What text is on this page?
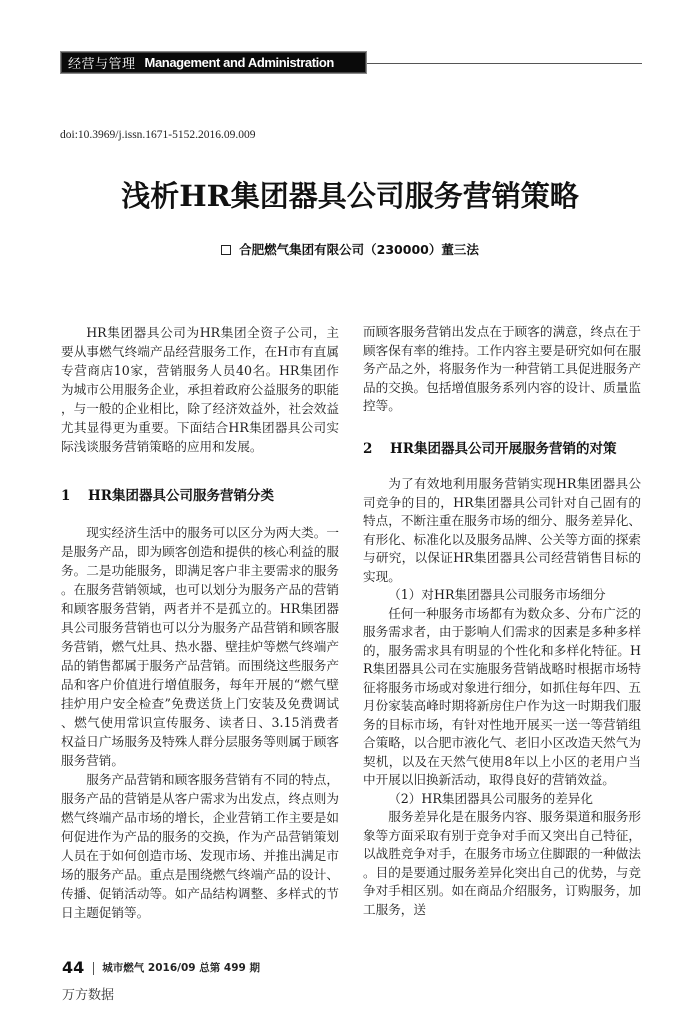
经营与管理 Management and Administration
doi:10.3969/j.issn.1671-5152.2016.09.009
浅析HR集团器具公司服务营销策略
合肥燃气集团有限公司（230000）董三法

HR集团器具公司为HR集团全资子公司，主要从事燃气终端产品经营服务工作，在H市有直属专营商店10家，营销服务人员40名。HR集团作为城市公用服务企业，承担着政府公益服务的职能，与一般的企业相比，除了经济效益外，社会效益尤其显得更为重要。下面结合HR集团器具公司实际浅谈服务营销策略的应用和发展。

1 HR集团器具公司服务营销分类

现实经济生活中的服务可以区分为两大类。一是服务产品，即为顾客创造和提供的核心利益的服务。二是功能服务，即满足客户非主要需求的服务。在服务营销领域，也可以划分为服务产品的营销和顾客服务营销，两者并不是孤立的。HR集团器具公司服务营销也可以分为服务产品营销和顾客服务营销，燃气灶具、热水器、壁挂炉等燃气终端产品的销售都属于服务产品营销。而围绕这些服务产品和客户价值进行增值服务，每年开展的“燃气壁挂炉用户安全检查”免费送货上门安装及免费调试、燃气使用常识宣传服务、读者日、3.15消费者权益日广场服务及特殊人群分层服务等则属于顾客服务营销。

服务产品营销和顾客服务营销有不同的特点，服务产品的营销是从客户需求为出发点，终点则为燃气终端产品市场的增长，企业营销工作主要是如何促进作为产品的服务的交换，作为产品营销策划人员在于如何创造市场、发现市场、并推出满足市场的服务产品。重点是围绕燃气终端产品的设计、传播、促销活动等。如产品结构调整、多样式的节日主题促销等。

而顾客服务营销出发点在于顾客的满意，终点在于顾客保有率的维持。工作内容主要是研究如何在服务产品之外，将服务作为一种营销工具促进服务产品的交换。包括增值服务系列内容的设计、质量监控等。

2 HR集团器具公司开展服务营销的对策

为了有效地利用服务营销实现HR集团器具公司竞争的目的，HR集团器具公司针对自己固有的特点，不断注重在服务市场的细分、服务差异化、有形化、标准化以及服务品牌、公关等方面的探索与研究，以保证HR集团器具公司经营销售目标的实现。

（1）对HR集团器具公司服务市场细分

任何一种服务市场都有为数众多、分布广泛的服务需求者，由于影响人们需求的因素是多种多样的，服务需求具有明显的个性化和多样化特征。HR集团器具公司在实施服务营销战略时根据市场特征将服务市场或对象进行细分，如抓住每年四、五月份家装高峰时期将新房住户作为这一时期我们服务的目标市场，有针对性地开展买一送一等营销组合策略，以合肥市液化气、老旧小区改造天然气为契机，以及在天然气使用8年以上小区的老用户当中开展以旧换新活动，取得良好的营销效益。

（2）HR集团器具公司服务的差异化

服务差异化是在服务内容、服务渠道和服务形象等方面采取有别于竞争对手而又突出自己特征，以战胜竞争对手，在服务市场立住脚跟的一种做法。目的是要通过服务差异化突出自己的优势，与竞争对手相区别。如在商品介绍服务，订购服务，加工服务，送

44 城市燃气 2016/09 总第 499 期
万方数据
